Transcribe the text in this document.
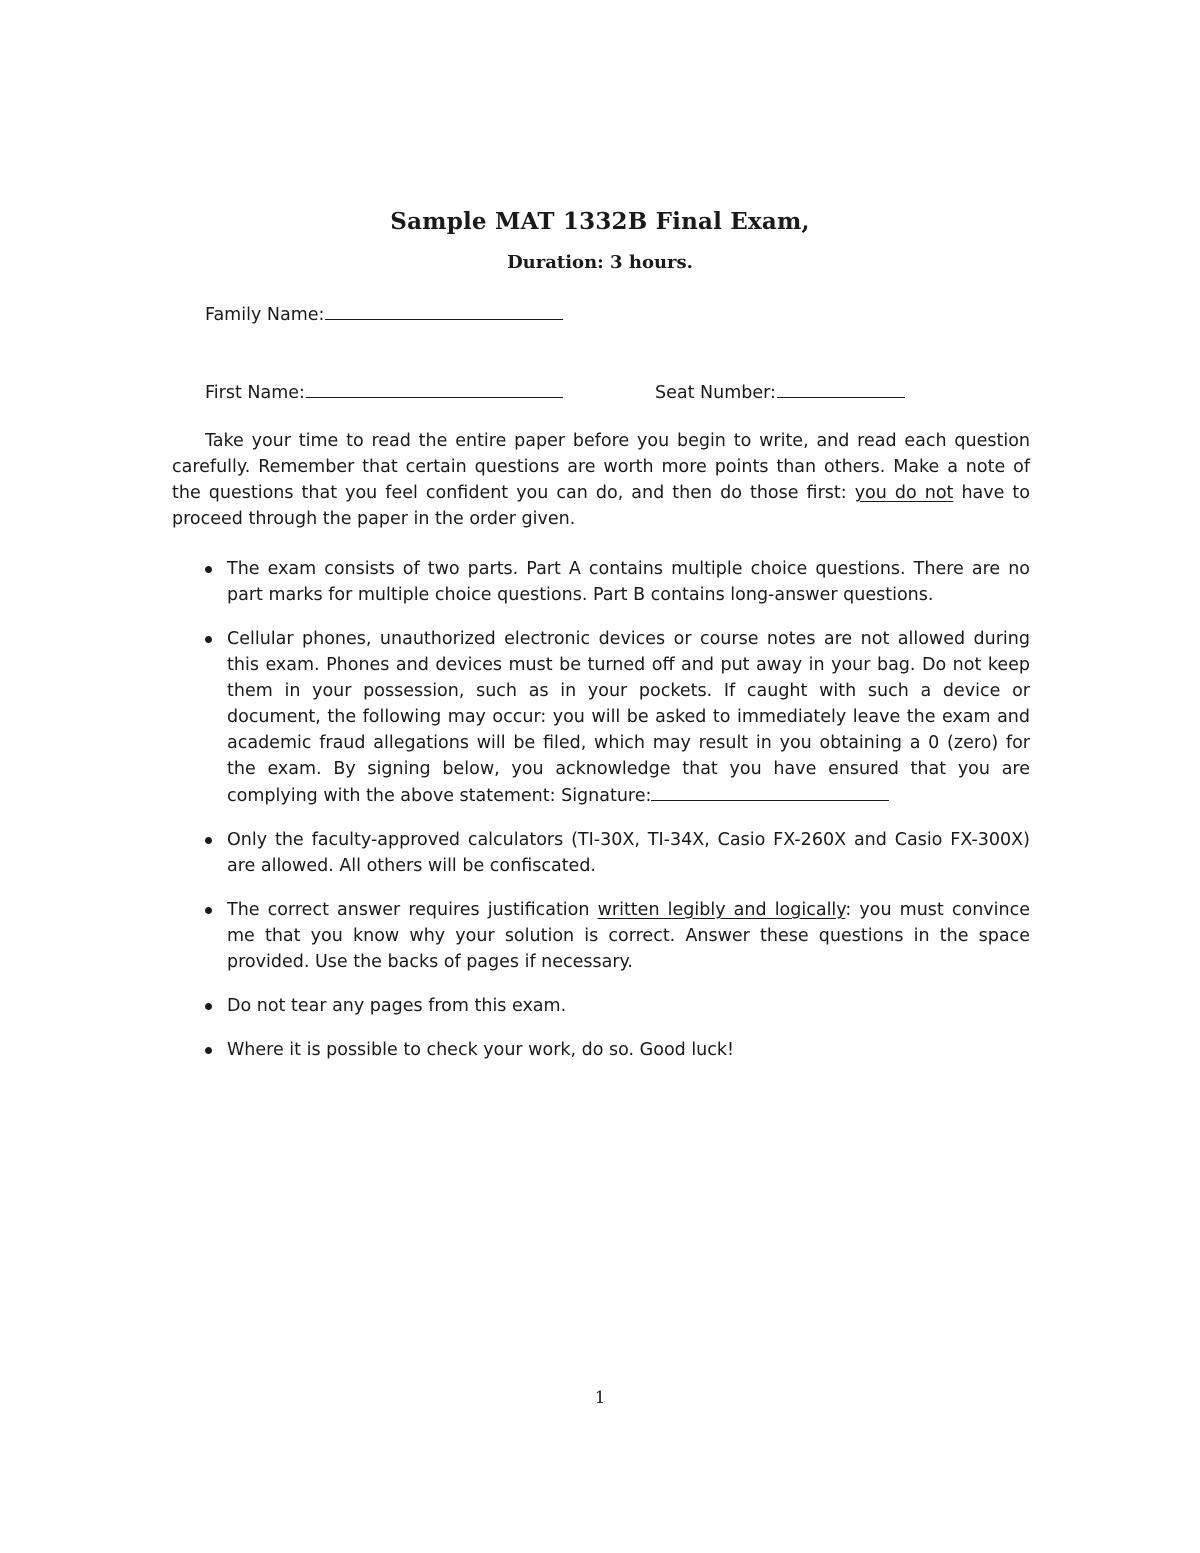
Sample MAT 1332B Final Exam,
Duration: 3 hours.
Family Name:
First Name:	Seat Number:

Take your time to read the entire paper before you begin to write, and read each question carefully. Remember that certain questions are worth more points than others. Make a note of the questions that you feel confident you can do, and then do those first: you do not have to proceed through the paper in the order given.

The exam consists of two parts. Part A contains multiple choice questions. There are no part marks for multiple choice questions. Part B contains long-answer questions.
Cellular phones, unauthorized electronic devices or course notes are not allowed during this exam. Phones and devices must be turned off and put away in your bag. Do not keep them in your possession, such as in your pockets. If caught with such a device or document, the following may occur: you will be asked to immediately leave the exam and academic fraud allegations will be filed, which may result in you obtaining a 0 (zero) for the exam. By signing below, you acknowledge that you have ensured that you are complying with the above statement: Signature:
Only the faculty-approved calculators (TI-30X, TI-34X, Casio FX-260X and Casio FX-300X) are allowed. All others will be confiscated.
The correct answer requires justification written legibly and logically: you must convince me that you know why your solution is correct. Answer these questions in the space provided. Use the backs of pages if necessary.
Do not tear any pages from this exam.
Where it is possible to check your work, do so. Good luck!
1
